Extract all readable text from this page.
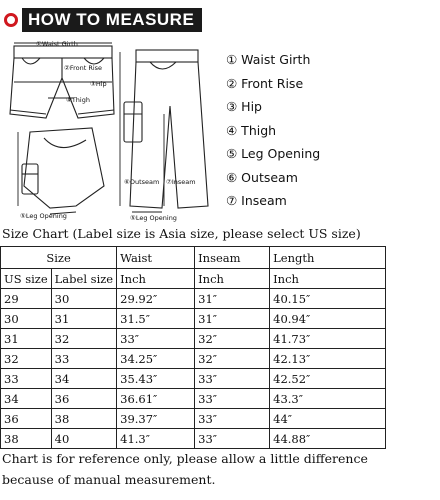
HOW TO MEASURE
①Waist Girth
②Front Rise
③Hip
④Thigh
⑤Leg Opening
⑥Outseam ⑦Inseam
⑤Leg Opening
① Waist Girth
② Front Rise
③ Hip
④ Thigh
⑤ Leg Opening
⑥ Outseam
⑦ Inseam
Size Chart (Label size is Asia size, please select US size)
Size		Waist	Inseam	Length
US size	Label size	Inch	Inch	Inch
29	30	29.92″	31″	40.15″
30	31	31.5″	31″	40.94″
31	32	33″	32″	41.73″
32	33	34.25″	32″	42.13″
33	34	35.43″	33″	42.52″
34	36	36.61″	33″	43.3″
36	38	39.37″	33″	44″
38	40	41.3″	33″	44.88″
Chart is for reference only, please allow a little difference
because of manual measurement.
